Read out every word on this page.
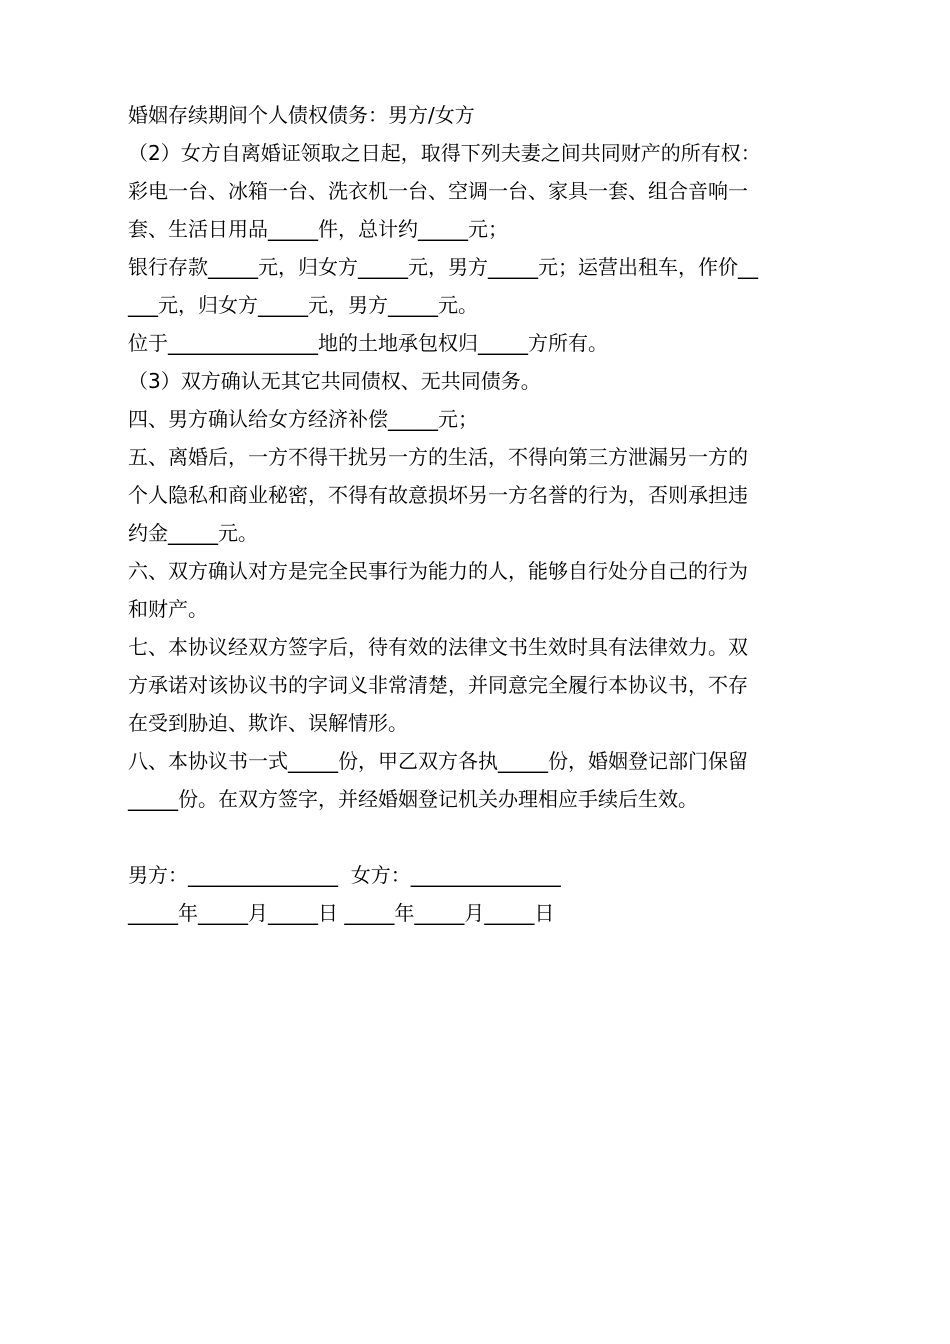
婚姻存续期间个人债权债务：男方/女方

（2）女方自离婚证领取之日起，取得下列夫妻之间共同财产的所有权：

彩电一台、冰箱一台、洗衣机一台、空调一台、家具一套、组合音响一

套、生活日用品_____件，总计约_____元；

银行存款_____元，归女方_____元，男方_____元；运营出租车，作价__

___元，归女方_____元，男方_____元。

位于_______________地的土地承包权归_____方所有。

（3）双方确认无其它共同债权、无共同债务。

四、男方确认给女方经济补偿_____元；

五、离婚后，一方不得干扰另一方的生活，不得向第三方泄漏另一方的

个人隐私和商业秘密，不得有故意损坏另一方名誉的行为，否则承担违

约金_____元。

六、双方确认对方是完全民事行为能力的人，能够自行处分自己的行为

和财产。

七、本协议经双方签字后，待有效的法律文书生效时具有法律效力。双

方承诺对该协议书的字词义非常清楚，并同意完全履行本协议书，不存

在受到胁迫、欺诈、误解情形。

八、本协议书一式_____份，甲乙双方各执_____份，婚姻登记部门保留

_____份。在双方签字，并经婚姻登记机关办理相应手续后生效。

男方：_______________  女方：_______________

_____年_____月_____日 _____年_____月_____日
